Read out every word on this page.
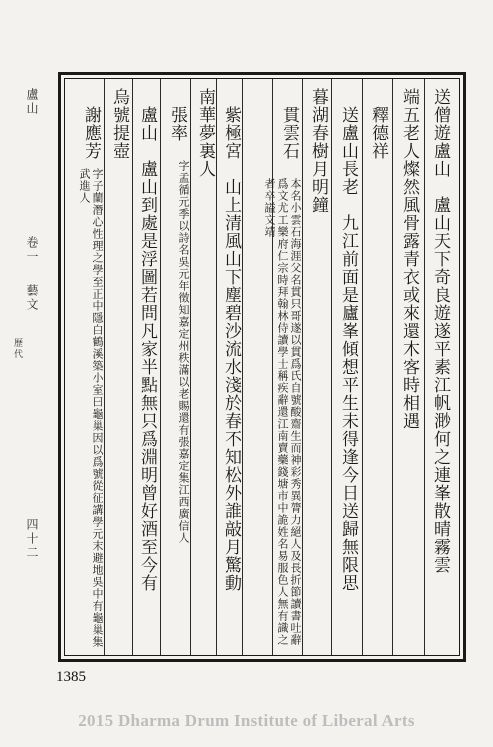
盧山
卷一
藝文
歷代
四十二	送僧遊盧山　盧山天下奇良遊遂平素江帆渺何之連峯散晴霧雲
端五老人燦然風骨露青衣或來還木客時相遇
　釋德祥
　送盧山長老　九江前面是廬峯傾想平生未得逢今日送歸無限思
暮湖春樹月明鐘
　貫雲石
本名小雲石海涯父名貫只哥遂以貫爲氏自號酸齋生而神彩秀異膂力絕人及長折節讀書吐辭爲文尤工樂府仁宗時拜翰林侍讀學士稱疾辭還江南賣藥錢塘市中詭姓名易服色人無有識之者卒謚文靖
　紫極宮　山上清風山下塵碧沙流水淺於春不知松外誰敲月驚動
南華夢裏人
　張率
字孟循元季以詩名吳元年徵知嘉定州秩滿以老賜還有張嘉定集江西廣信人
　盧山　盧山到處是浮圖若問凡家半點無只爲淵明曾好酒至今有
烏號提壺
　謝應芳
字子蘭潛心性理之學至正中隱白鶴溪築小室曰龜巢因以爲號從征講學元末避地吳中有龜巢集武進人
1385
2015 Dharma Drum Institute of Liberal Arts
